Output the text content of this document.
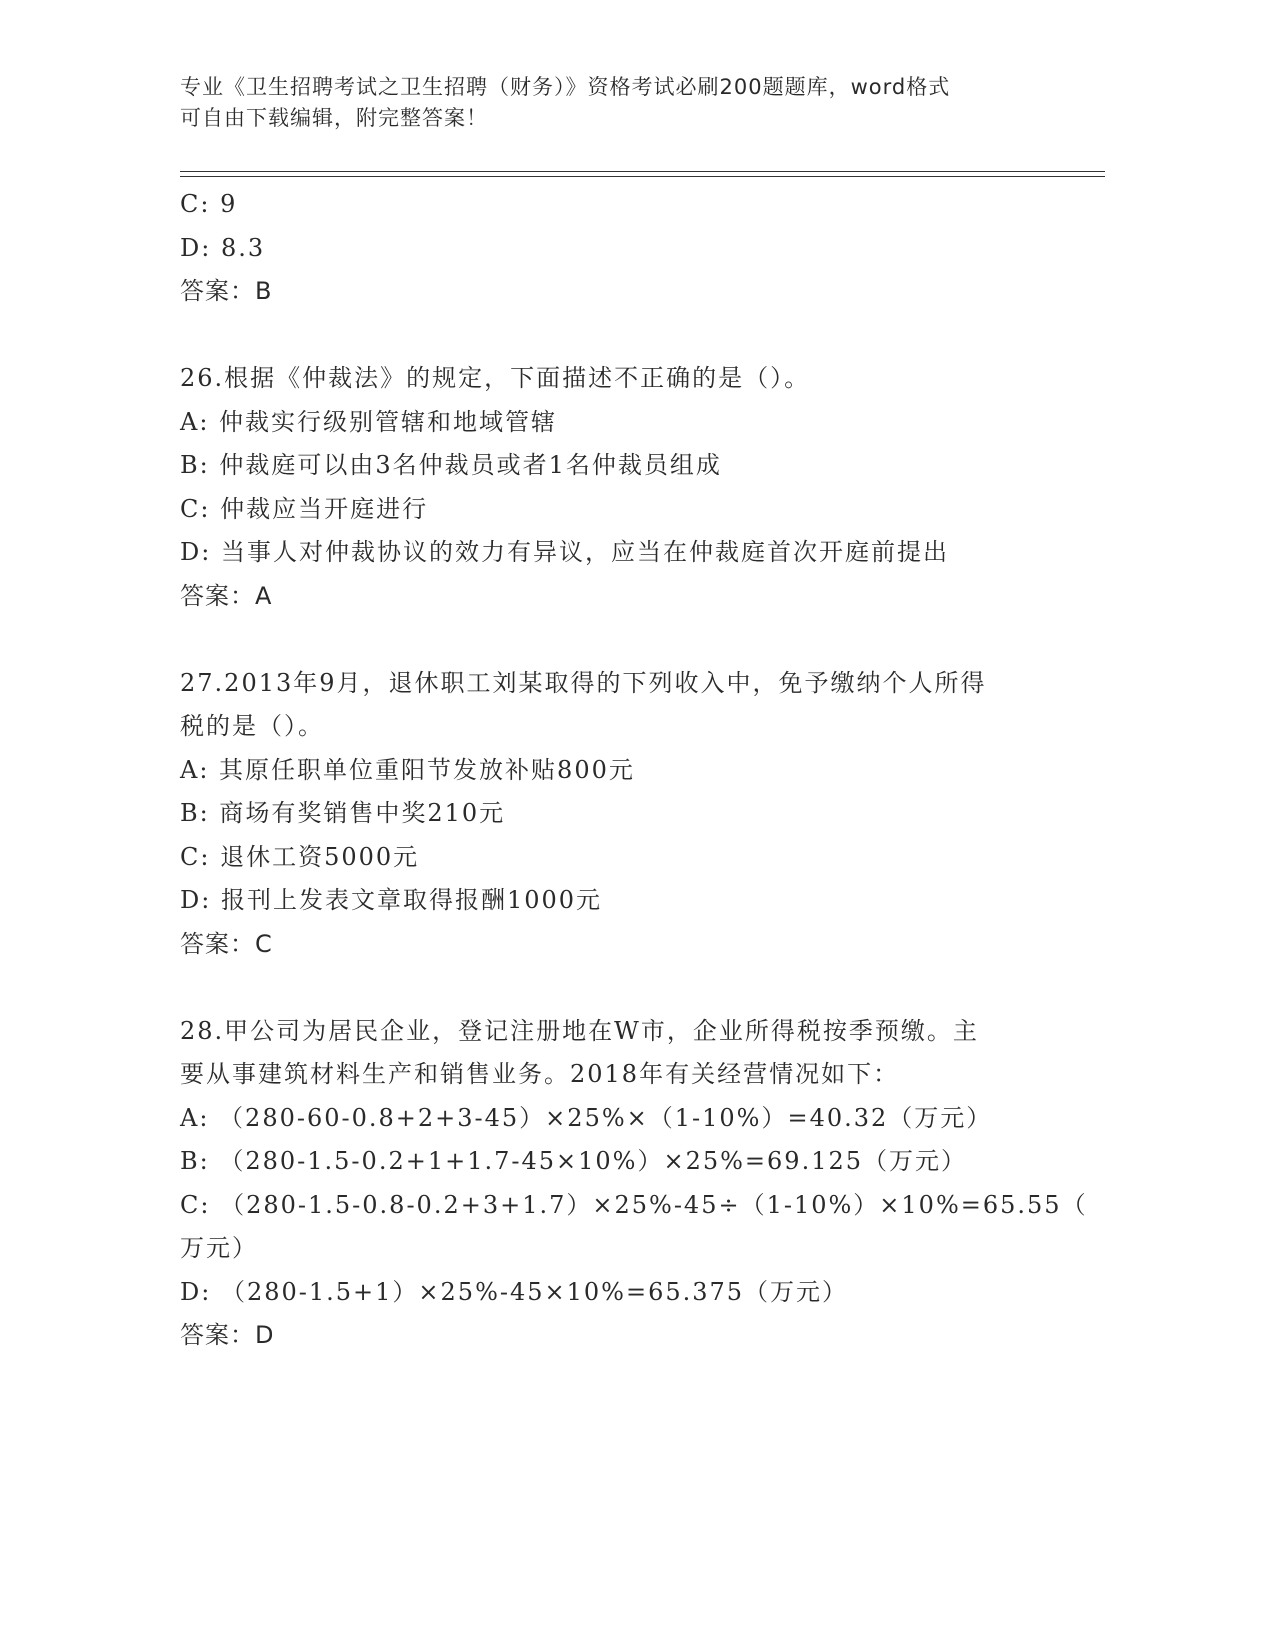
专业《卫生招聘考试之卫生招聘（财务）》资格考试必刷200题题库，word格式
可自由下载编辑，附完整答案！
C: 9
D: 8.3
答案：B
26.根据《仲裁法》的规定，下面描述不正确的是（）。
A: 仲裁实行级别管辖和地域管辖
B: 仲裁庭可以由3名仲裁员或者1名仲裁员组成
C: 仲裁应当开庭进行
D: 当事人对仲裁协议的效力有异议，应当在仲裁庭首次开庭前提出
答案：A
27.2013年9月，退休职工刘某取得的下列收入中，免予缴纳个人所得
税的是（）。
A: 其原任职单位重阳节发放补贴800元
B: 商场有奖销售中奖210元
C: 退休工资5000元
D: 报刊上发表文章取得报酬1000元
答案：C
28.甲公司为居民企业，登记注册地在W市，企业所得税按季预缴。主
要从事建筑材料生产和销售业务。2018年有关经营情况如下：
A: （280-60-0.8+2+3-45）×25%×（1-10%）=40.32（万元）
B: （280-1.5-0.2+1+1.7-45×10%）×25%=69.125（万元）
C: （280-1.5-0.8-0.2+3+1.7）×25%-45÷（1-10%）×10%=65.55（
万元）
D: （280-1.5+1）×25%-45×10%=65.375（万元）
答案：D
